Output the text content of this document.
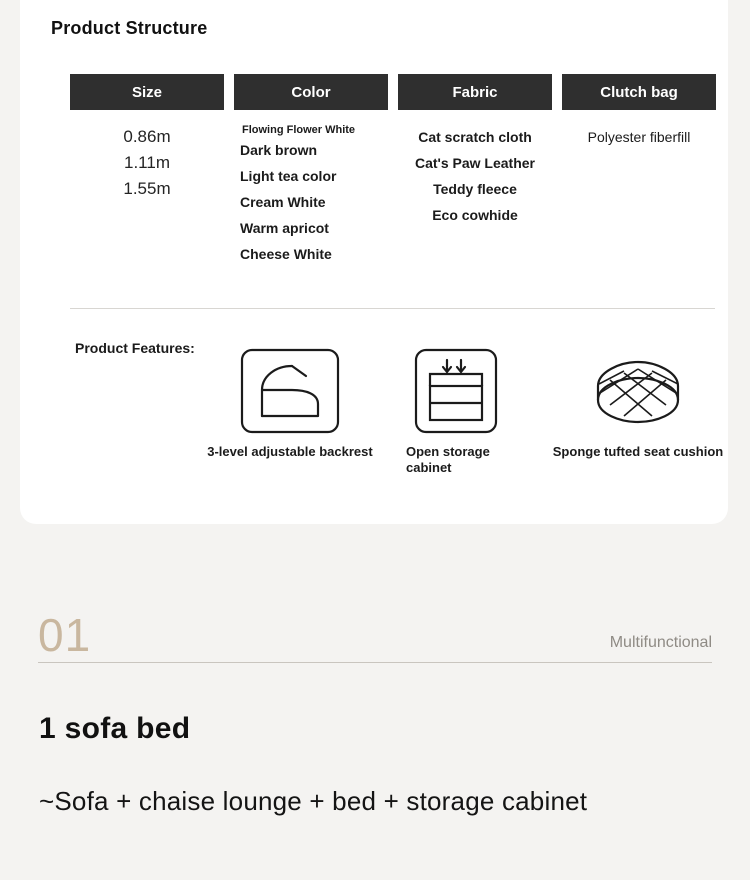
Product Structure
Size
0.86m
1.11m
1.55m
Color
Flowing Flower White
Dark brown
Light tea color
Cream White
Warm apricot
Cheese White
Fabric
Cat scratch cloth
Cat's Paw Leather
Teddy fleece
Eco cowhide
Clutch bag
Polyester fiberfill
Product Features:
3-level adjustable backrest	Open storage cabinet
Sponge tufted seat cushion
01	Multifunctional
1 sofa bed
~Sofa + chaise lounge + bed + storage cabinet
